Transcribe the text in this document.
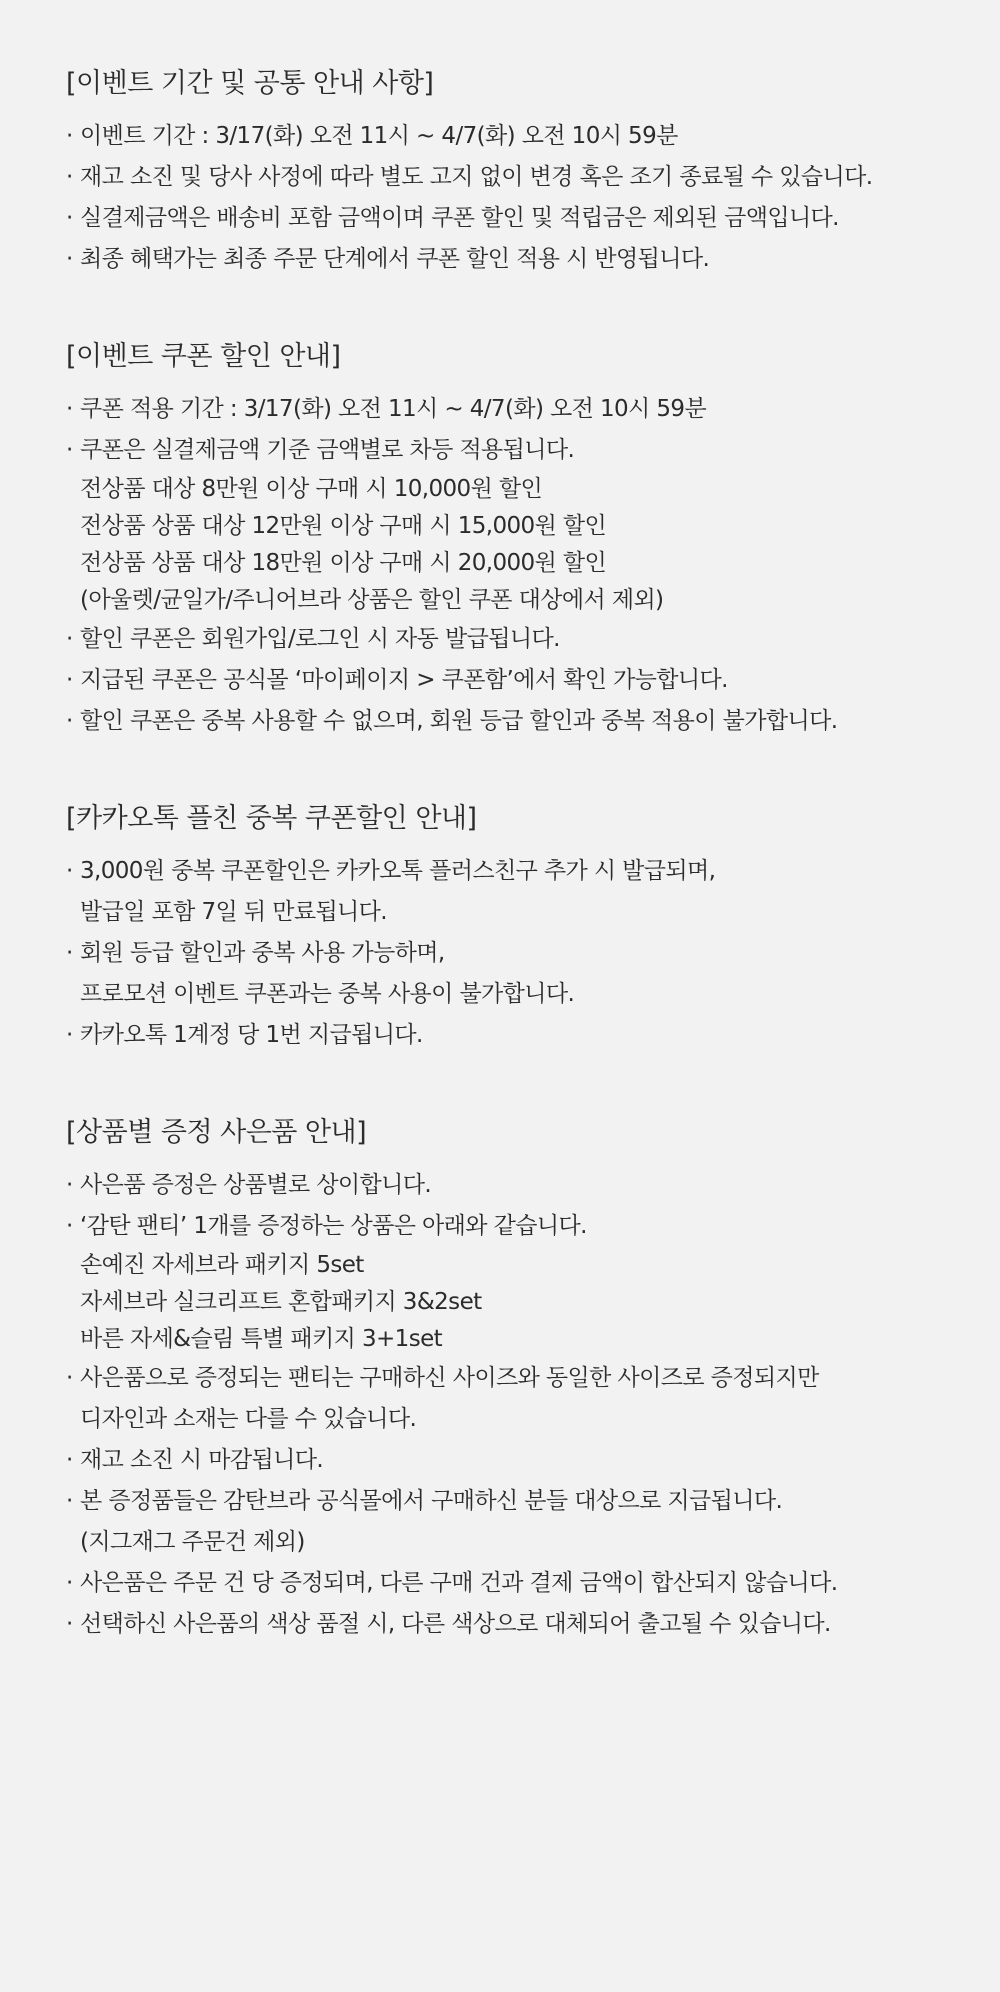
[이벤트 기간 및 공통 안내 사항]
· 이벤트 기간 : 3/17(화) 오전 11시 ~ 4/7(화) 오전 10시 59분
· 재고 소진 및 당사 사정에 따라 별도 고지 없이 변경 혹은 조기 종료될 수 있습니다.
· 실결제금액은 배송비 포함 금액이며 쿠폰 할인 및 적립금은 제외된 금액입니다.
· 최종 혜택가는 최종 주문 단계에서 쿠폰 할인 적용 시 반영됩니다.
[이벤트 쿠폰 할인 안내]
· 쿠폰 적용 기간 : 3/17(화) 오전 11시 ~ 4/7(화) 오전 10시 59분
· 쿠폰은 실결제금액 기준 금액별로 차등 적용됩니다.
전상품 대상 8만원 이상 구매 시 10,000원 할인
전상품 상품 대상 12만원 이상 구매 시 15,000원 할인
전상품 상품 대상 18만원 이상 구매 시 20,000원 할인
(아울렛/균일가/주니어브라 상품은 할인 쿠폰 대상에서 제외)
· 할인 쿠폰은 회원가입/로그인 시 자동 발급됩니다.
· 지급된 쿠폰은 공식몰 ‘마이페이지 > 쿠폰함’에서 확인 가능합니다.
· 할인 쿠폰은 중복 사용할 수 없으며, 회원 등급 할인과 중복 적용이 불가합니다.
[카카오톡 플친 중복 쿠폰할인 안내]
· 3,000원 중복 쿠폰할인은 카카오톡 플러스친구 추가 시 발급되며,
발급일 포함 7일 뒤 만료됩니다.
· 회원 등급 할인과 중복 사용 가능하며,
프로모션 이벤트 쿠폰과는 중복 사용이 불가합니다.
· 카카오톡 1계정 당 1번 지급됩니다.
[상품별 증정 사은품 안내]
· 사은품 증정은 상품별로 상이합니다.
· ‘감탄 팬티’ 1개를 증정하는 상품은 아래와 같습니다.
손예진 자세브라 패키지 5set
자세브라 실크리프트 혼합패키지 3&2set
바른 자세&슬림 특별 패키지 3+1set
· 사은품으로 증정되는 팬티는 구매하신 사이즈와 동일한 사이즈로 증정되지만
디자인과 소재는 다를 수 있습니다.
· 재고 소진 시 마감됩니다.
· 본 증정품들은 감탄브라 공식몰에서 구매하신 분들 대상으로 지급됩니다.
(지그재그 주문건 제외)
· 사은품은 주문 건 당 증정되며, 다른 구매 건과 결제 금액이 합산되지 않습니다.
· 선택하신 사은품의 색상 품절 시, 다른 색상으로 대체되어 출고될 수 있습니다.
